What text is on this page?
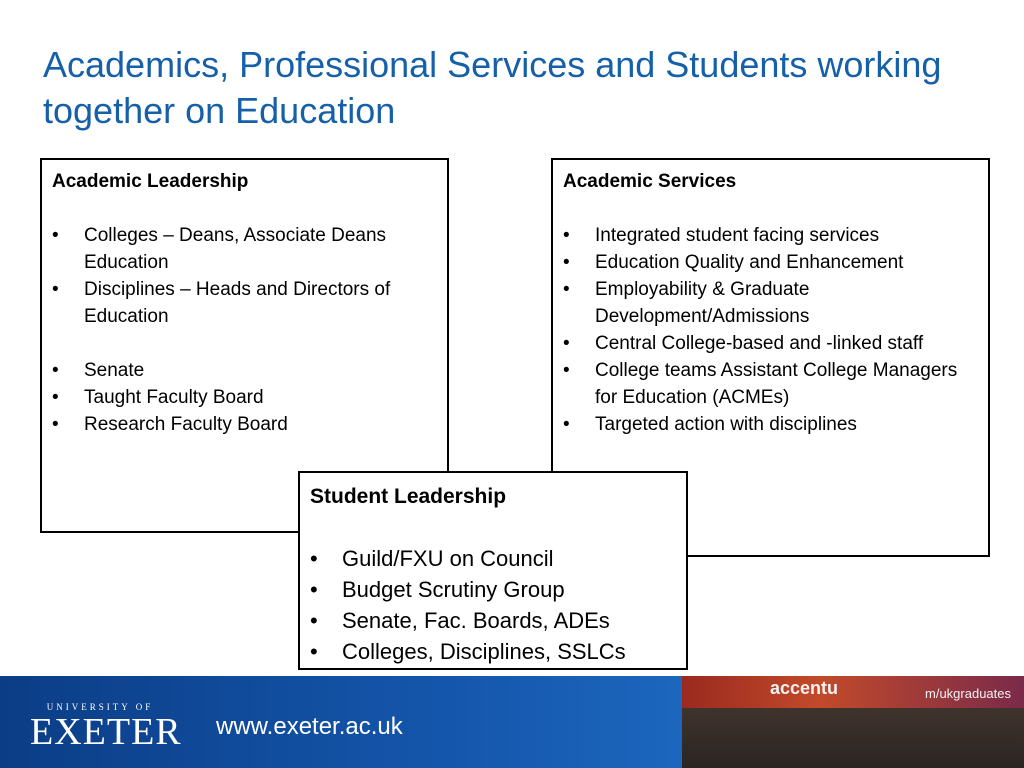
Academics, Professional Services and Students working together on Education
Academic Leadership
• Colleges – Deans, Associate Deans Education
• Disciplines – Heads and Directors of Education
• Senate
• Taught Faculty Board
• Research Faculty Board
Academic Services
• Integrated student facing services
• Education Quality and Enhancement
• Employability & Graduate Development/Admissions
• Central College-based and -linked staff
• College teams Assistant College Managers for Education (ACMEs)
• Targeted action with disciplines
Student Leadership
• Guild/FXU on Council
• Budget Scrutiny Group
• Senate, Fac. Boards, ADEs
• Colleges, Disciplines, SSLCs
UNIVERSITY OF
EXETER www.exeter.ac.uk
accentu	m/ukgraduates
